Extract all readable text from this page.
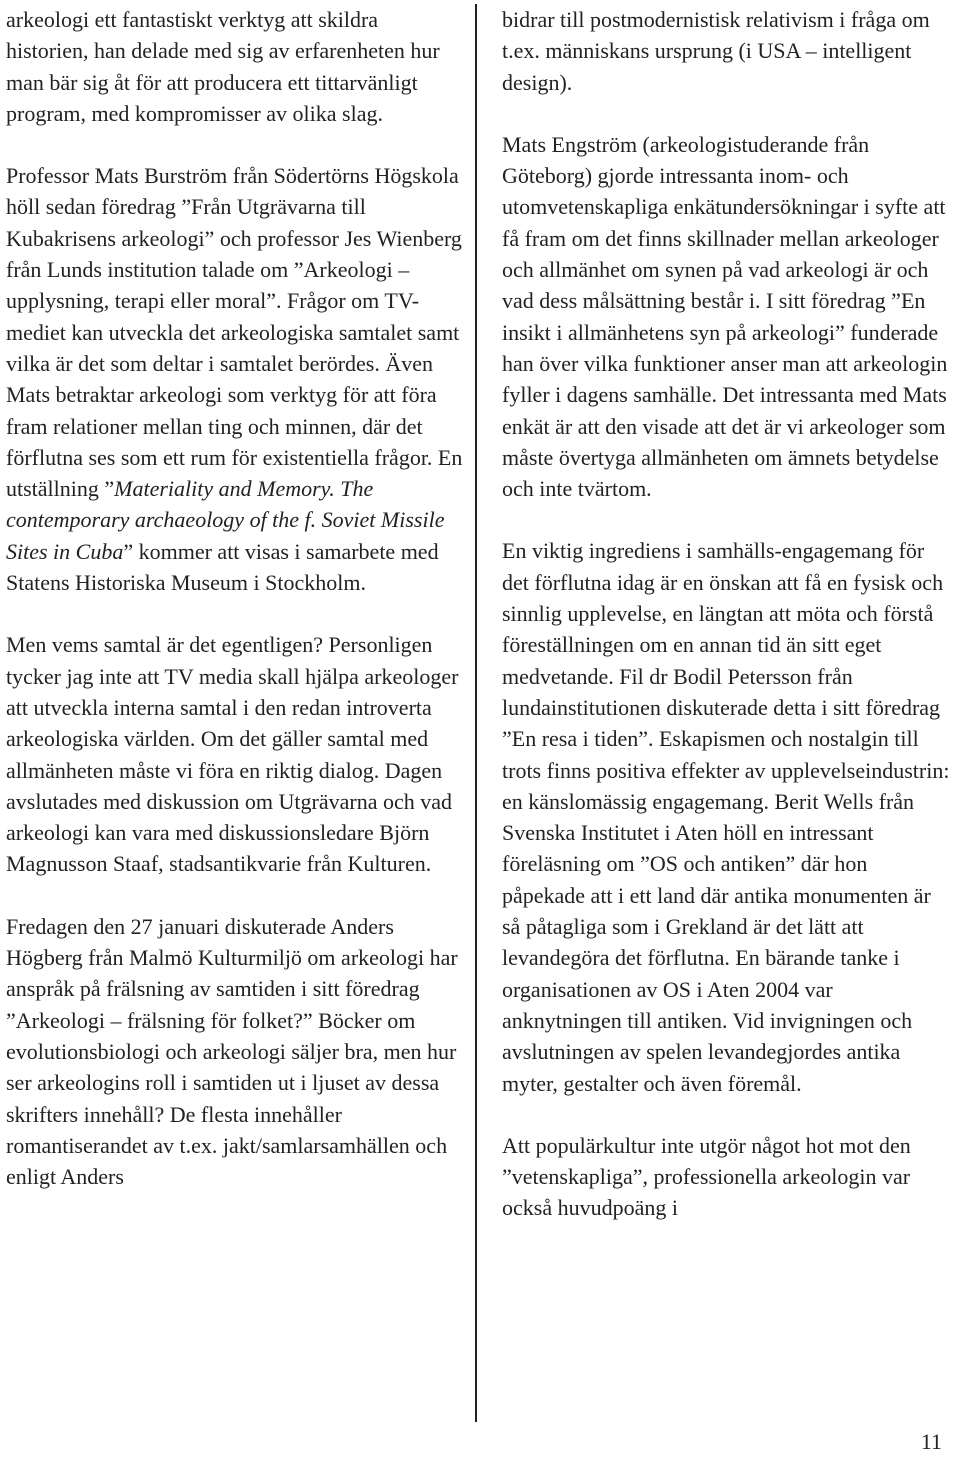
arkeologi ett fantastiskt verktyg att skildra historien, han delade med sig av erfarenheten hur man bär sig åt för att producera ett tittarvänligt program, med kompromisser av olika slag.

Professor Mats Burström från Södertörns Högskola höll sedan föredrag ”Från Utgrävarna till Kubakrisens arkeologi” och professor Jes Wienberg från Lunds institution talade om ”Arkeologi – upplysning, terapi eller moral”. Frågor om TV-mediet kan utveckla det arkeologiska samtalet samt vilka är det som deltar i samtalet berördes. Även Mats betraktar arkeologi som verktyg för att föra fram relationer mellan ting och minnen, där det förflutna ses som ett rum för existentiella frågor. En utställning ”Materiality and Memory. The contemporary archaeology of the f. Soviet Missile Sites in Cuba” kommer att visas i samarbete med Statens Historiska Museum i Stockholm.

Men vems samtal är det egentligen? Personligen tycker jag inte att TV media skall hjälpa arkeologer att utveckla interna samtal i den redan introverta arkeologiska världen. Om det gäller samtal med allmänheten måste vi föra en riktig dialog. Dagen avslutades med diskussion om Utgrävarna och vad arkeologi kan vara med diskussionsledare Björn Magnusson Staaf, stadsantikvarie från Kulturen.

Fredagen den 27 januari diskuterade Anders Högberg från Malmö Kulturmiljö om arkeologi har anspråk på frälsning av samtiden i sitt föredrag ”Arkeologi – frälsning för folket?” Böcker om evolutionsbiologi och arkeologi säljer bra, men hur ser arkeologins roll i samtiden ut i ljuset av dessa skrifters innehåll? De flesta innehåller romantiserandet av t.ex. jakt/samlarsamhällen och enligt Anders

bidrar till postmodernistisk relativism i fråga om t.ex. människans ursprung (i USA – intelligent design).

Mats Engström (arkeologistuderande från Göteborg) gjorde intressanta inom- och utomvetenskapliga enkätundersökningar i syfte att få fram om det finns skillnader mellan arkeologer och allmänhet om synen på vad arkeologi är och vad dess målsättning består i. I sitt föredrag ”En insikt i allmänhetens syn på arkeologi” funderade han över vilka funktioner anser man att arkeologin fyller i dagens samhälle. Det intressanta med Mats enkät är att den visade att det är vi arkeologer som måste övertyga allmänheten om ämnets betydelse och inte tvärtom.

En viktig ingrediens i samhälls-engagemang för det förflutna idag är en önskan att få en fysisk och sinnlig upplevelse, en längtan att möta och förstå föreställningen om en annan tid än sitt eget medvetande. Fil dr Bodil Petersson från lundainstitutionen diskuterade detta i sitt föredrag ”En resa i tiden”. Eskapismen och nostalgin till trots finns positiva effekter av upplevelseindustrin: en känslomässig engagemang. Berit Wells från Svenska Institutet i Aten höll en intressant föreläsning om ”OS och antiken” där hon påpekade att i ett land där antika monumenten är så påtagliga som i Grekland är det lätt att levandegöra det förflutna. En bärande tanke i organisationen av OS i Aten 2004 var anknytningen till antiken. Vid invigningen och avslutningen av spelen levandegjordes antika myter, gestalter och även föremål.

Att populärkultur inte utgör något hot mot den ”vetenskapliga”, professionella arkeologin var också huvudpoäng i

11
